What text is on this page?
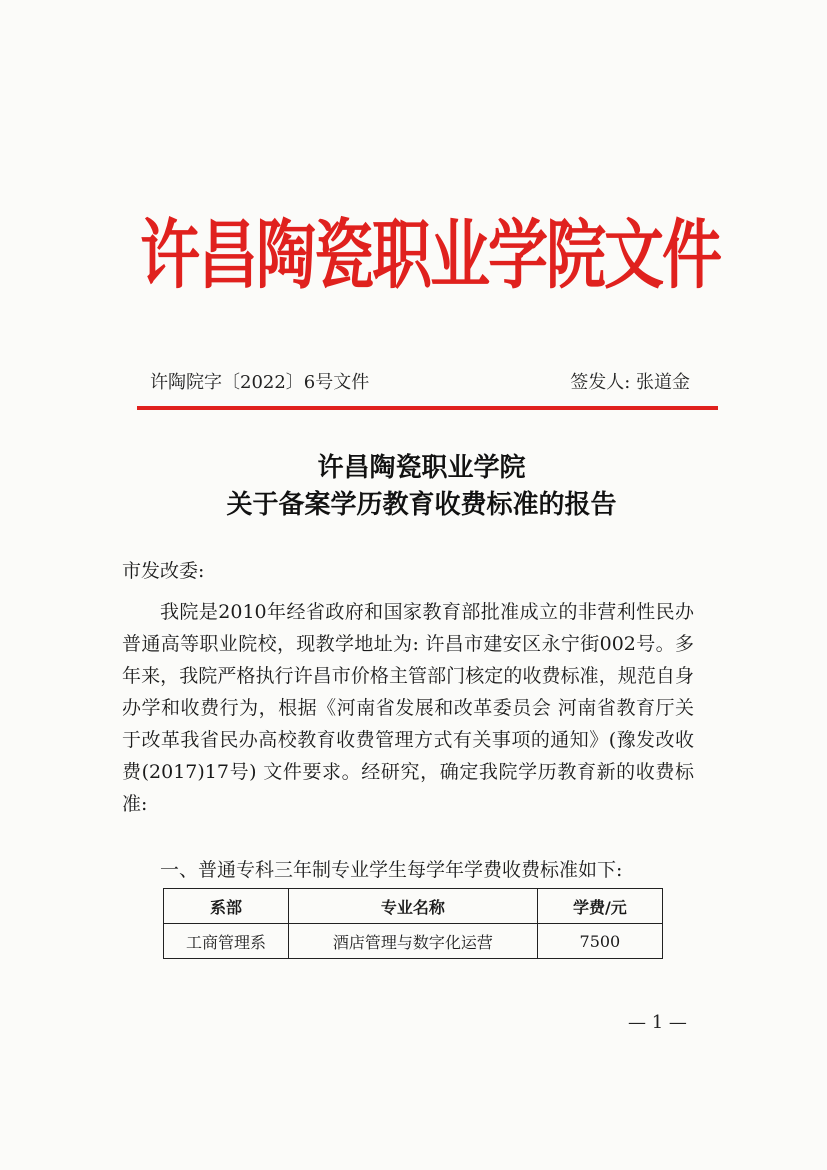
许昌陶瓷职业学院文件
许陶院字〔2022〕6号文件	签发人: 张道金
许昌陶瓷职业学院
关于备案学历教育收费标准的报告
市发改委:
我院是2010年经省政府和国家教育部批准成立的非营利性民办普通高等职业院校，现教学地址为: 许昌市建安区永宁街002号。多年来，我院严格执行许昌市价格主管部门核定的收费标准，规范自身办学和收费行为，根据《河南省发展和改革委员会 河南省教育厅关于改革我省民办高校教育收费管理方式有关事项的通知》(豫发改收费(2017)17号) 文件要求。经研究，确定我院学历教育新的收费标准:
一、普通专科三年制专业学生每学年学费收费标准如下:
系部	专业名称	学费/元
工商管理系	酒店管理与数字化运营	7500
— 1 —
